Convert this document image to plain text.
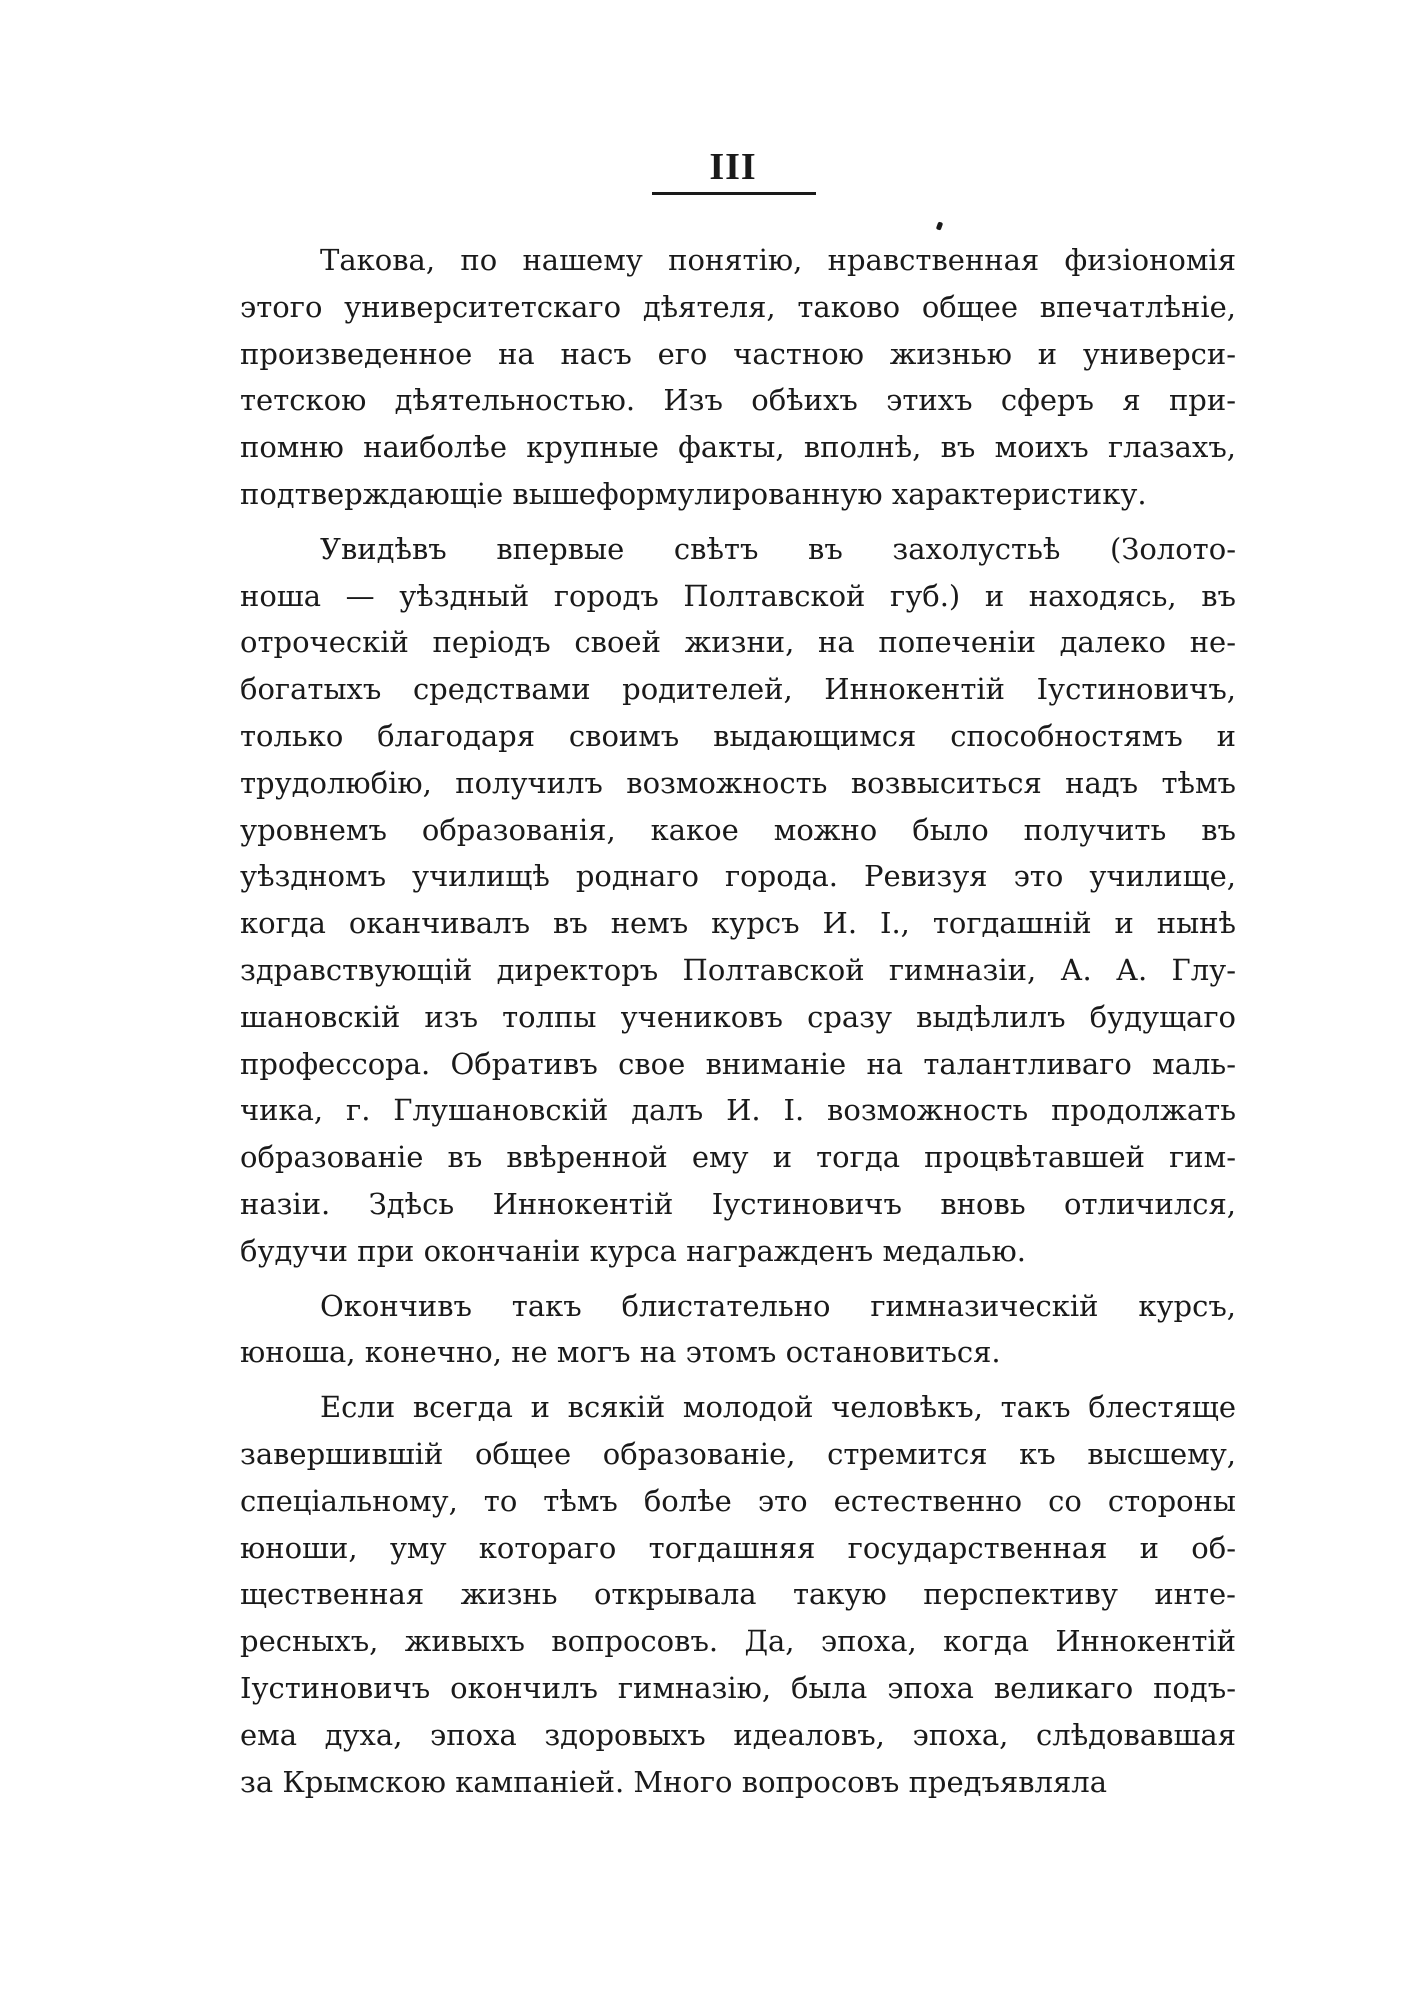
III
Такова, по нашему понятію, нравственная физіономія
этого университетскаго дѣятеля, таково общее впечатлѣніе,
произведенное на насъ его частною жизнью и универси-
тетскою дѣятельностью. Изъ обѣихъ этихъ сферъ я при-
помню наиболѣе крупные факты, вполнѣ, въ моихъ глазахъ,
подтверждающіе вышеформулированную характеристику.
Увидѣвъ впервые свѣтъ въ захолустьѣ (Золото-
ноша — уѣздный городъ Полтавской губ.) и находясь, въ
отроческій періодъ своей жизни, на попеченіи далеко не-
богатыхъ средствами родителей, Иннокентій Іустиновичъ,
только благодаря своимъ выдающимся способностямъ и
трудолюбію, получилъ возможность возвыситься надъ тѣмъ
уровнемъ образованія, какое можно было получить въ
уѣздномъ училищѣ роднаго города. Ревизуя это училище,
когда оканчивалъ въ немъ курсъ И. І., тогдашній и нынѣ
здравствующій директоръ Полтавской гимназіи, А. А. Глу-
шановскій изъ толпы учениковъ сразу выдѣлилъ будущаго
профессора. Обративъ свое вниманіе на талантливаго маль-
чика, г. Глушановскій далъ И. І. возможность продолжать
образованіе въ ввѣренной ему и тогда процвѣтавшей гим-
назіи. Здѣсь Иннокентій Іустиновичъ вновь отличился,
будучи при окончаніи курса награжденъ медалью.
Окончивъ такъ блистательно гимназическій курсъ,
юноша, конечно, не могъ на этомъ остановиться.
Если всегда и всякій молодой человѣкъ, такъ блестяще
завершившій общее образованіе, стремится къ высшему,
спеціальному, то тѣмъ болѣе это естественно со стороны
юноши, уму котораго тогдашняя государственная и об-
щественная жизнь открывала такую перспективу инте-
ресныхъ, живыхъ вопросовъ. Да, эпоха, когда Иннокентій
Іустиновичъ окончилъ гимназію, была эпоха великаго подъ-
ема духа, эпоха здоровыхъ идеаловъ, эпоха, слѣдовавшая
за Крымскою кампаніей. Много вопросовъ предъявляла
